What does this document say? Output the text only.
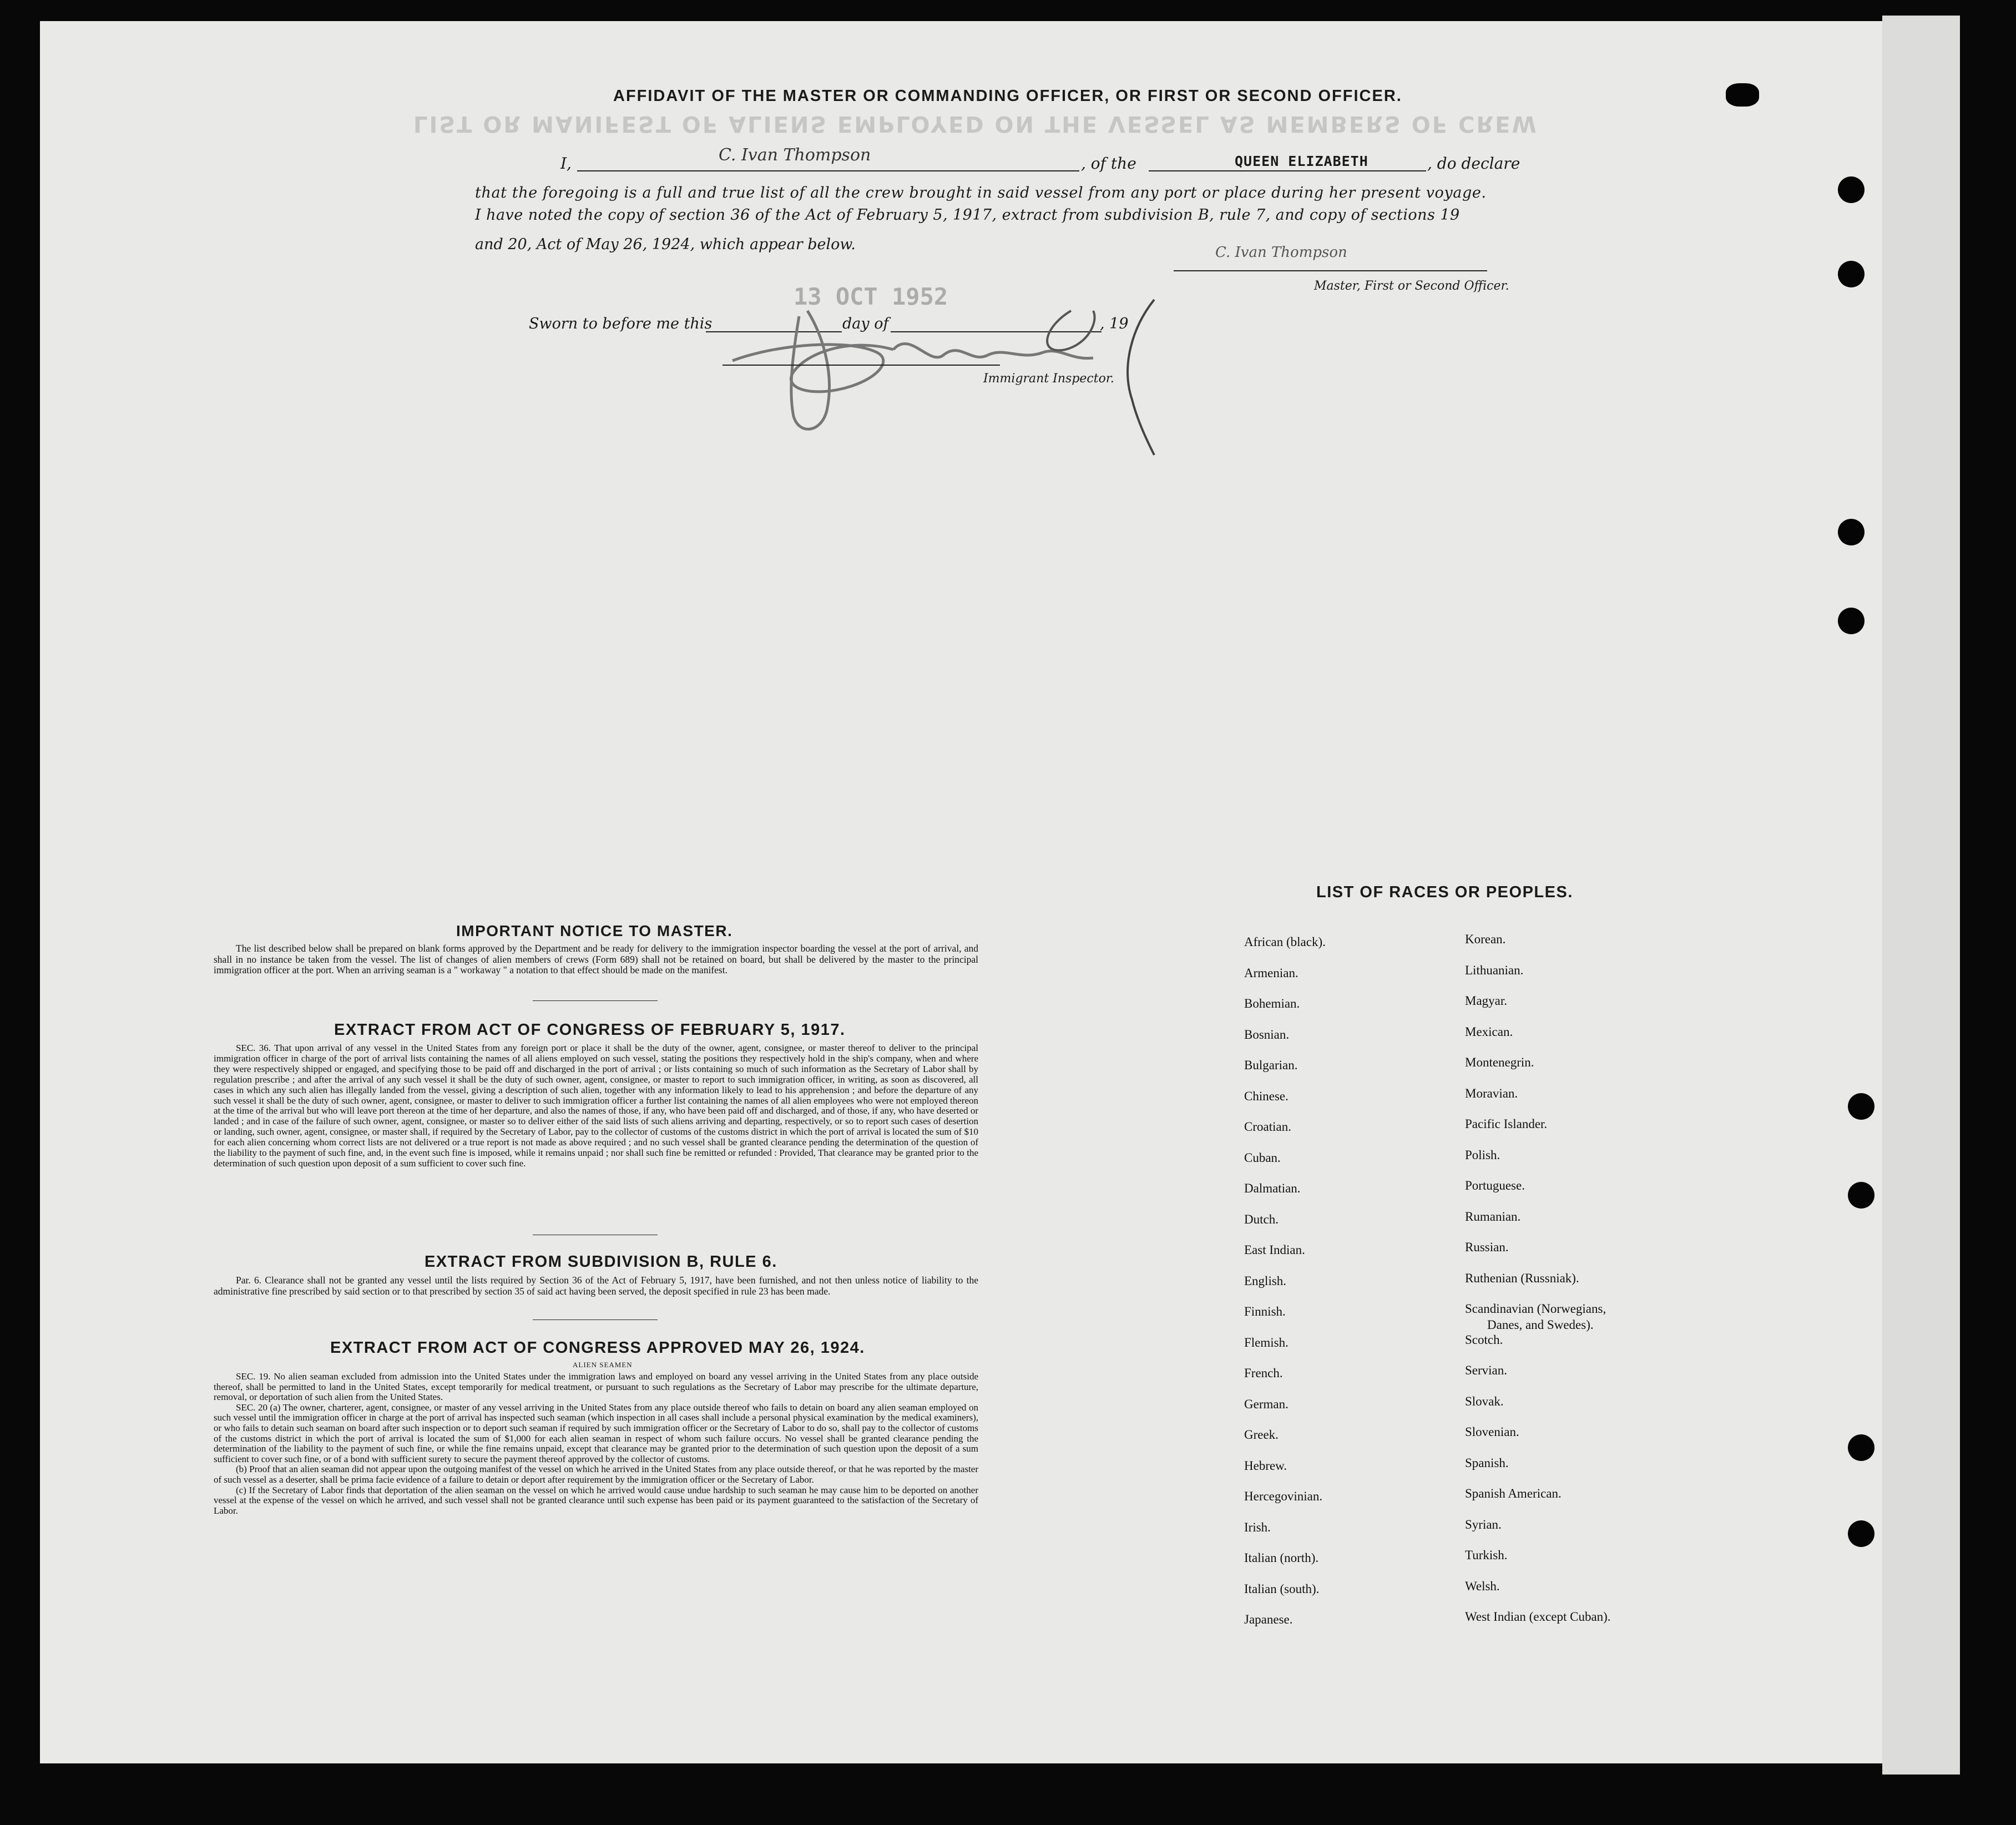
LIST OR MANIFEST OF ALIENS EMPLOYED ON THE VESSEL AS MEMBERS OF CREW
AFFIDAVIT OF THE MASTER OR COMMANDING OFFICER, OR FIRST OR SECOND OFFICER.
I,	C. Ivan Thompson	, of the	QUEEN ELIZABETH	, do declare
that the foregoing is a full and true list of all the crew brought in said vessel from any port or place during her present voyage.
I have noted the copy of section 36 of the Act of February 5, 1917, extract from subdivision B, rule 7, and copy of sections 19
and 20, Act of May 26, 1924, which appear below.	C. Ivan Thompson
Master, First or Second Officer.
13 OCT 1952
Sworn to before me this	day of	, 19
Immigrant Inspector.
IMPORTANT NOTICE TO MASTER.

The list described below shall be prepared on blank forms approved by the Department and be ready for delivery to the immigration inspector boarding the vessel at the port of arrival, and shall in no instance be taken from the vessel. The list of changes of alien members of crews (Form 689) shall not be retained on board, but shall be delivered by the master to the principal immigration officer at the port. When an arriving seaman is a " workaway " a notation to that effect should be made on the manifest.

EXTRACT FROM ACT OF CONGRESS OF FEBRUARY 5, 1917.

SEC. 36. That upon arrival of any vessel in the United States from any foreign port or place it shall be the duty of the owner, agent, consignee, or master thereof to deliver to the principal immigration officer in charge of the port of arrival lists containing the names of all aliens employed on such vessel, stating the positions they respectively hold in the ship's company, when and where they were respectively shipped or engaged, and specifying those to be paid off and discharged in the port of arrival ; or lists containing so much of such information as the Secretary of Labor shall by regulation prescribe ; and after the arrival of any such vessel it shall be the duty of such owner, agent, consignee, or master to report to such immigration officer, in writing, as soon as discovered, all cases in which any such alien has illegally landed from the vessel, giving a description of such alien, together with any information likely to lead to his apprehension ; and before the departure of any such vessel it shall be the duty of such owner, agent, consignee, or master to deliver to such immigration officer a further list containing the names of all alien employees who were not employed thereon at the time of the arrival but who will leave port thereon at the time of her departure, and also the names of those, if any, who have been paid off and discharged, and of those, if any, who have deserted or landed ; and in case of the failure of such owner, agent, consignee, or master so to deliver either of the said lists of such aliens arriving and departing, respectively, or so to report such cases of desertion or landing, such owner, agent, consignee, or master shall, if required by the Secretary of Labor, pay to the collector of customs of the customs district in which the port of arrival is located the sum of $10 for each alien concerning whom correct lists are not delivered or a true report is not made as above required ; and no such vessel shall be granted clearance pending the determination of the question of the liability to the payment of such fine, and, in the event such fine is imposed, while it remains unpaid ; nor shall such fine be remitted or refunded : Provided, That clearance may be granted prior to the determination of such question upon deposit of a sum sufficient to cover such fine.

EXTRACT FROM SUBDIVISION B, RULE 6.

Par. 6. Clearance shall not be granted any vessel until the lists required by Section 36 of the Act of February 5, 1917, have been furnished, and not then unless notice of liability to the administrative fine prescribed by said section or to that prescribed by section 35 of said act having been served, the deposit specified in rule 23 has been made.

EXTRACT FROM ACT OF CONGRESS APPROVED MAY 26, 1924.
ALIEN SEAMEN

SEC. 19. No alien seaman excluded from admission into the United States under the immigration laws and employed on board any vessel arriving in the United States from any place outside thereof, shall be permitted to land in the United States, except temporarily for medical treatment, or pursuant to such regulations as the Secretary of Labor may prescribe for the ultimate departure, removal, or deportation of such alien from the United States.

SEC. 20 (a) The owner, charterer, agent, consignee, or master of any vessel arriving in the United States from any place outside thereof who fails to detain on board any alien seaman employed on such vessel until the immigration officer in charge at the port of arrival has inspected such seaman (which inspection in all cases shall include a personal physical examination by the medical examiners), or who fails to detain such seaman on board after such inspection or to deport such seaman if required by such immigration officer or the Secretary of Labor to do so, shall pay to the collector of customs of the customs district in which the port of arrival is located the sum of $1,000 for each alien seaman in respect of whom such failure occurs. No vessel shall be granted clearance pending the determination of the liability to the payment of such fine, or while the fine remains unpaid, except that clearance may be granted prior to the determination of such question upon the deposit of a sum sufficient to cover such fine, or of a bond with sufficient surety to secure the payment thereof approved by the collector of customs.

(b) Proof that an alien seaman did not appear upon the outgoing manifest of the vessel on which he arrived in the United States from any place outside thereof, or that he was reported by the master of such vessel as a deserter, shall be prima facie evidence of a failure to detain or deport after requirement by the immigration officer or the Secretary of Labor.

(c) If the Secretary of Labor finds that deportation of the alien seaman on the vessel on which he arrived would cause undue hardship to such seaman he may cause him to be deported on another vessel at the expense of the vessel on which he arrived, and such vessel shall not be granted clearance until such expense has been paid or its payment guaranteed to the satisfaction of the Secretary of Labor.

LIST OF RACES OR PEOPLES.
African (black).
Armenian.
Bohemian.
Bosnian.
Bulgarian.
Chinese.
Croatian.
Cuban.
Dalmatian.
Dutch.
East Indian.
English.
Finnish.
Flemish.
French.
German.
Greek.
Hebrew.
Hercegovinian.
Irish.
Italian (north).
Italian (south).
Japanese.
Korean.
Lithuanian.
Magyar.
Mexican.
Montenegrin.
Moravian.
Pacific Islander.
Polish.
Portuguese.
Rumanian.
Russian.
Ruthenian (Russniak).
Scandinavian (Norwegians,
Danes, and Swedes).
Scotch.
Servian.
Slovak.
Slovenian.
Spanish.
Spanish American.
Syrian.
Turkish.
Welsh.
West Indian (except Cuban).
